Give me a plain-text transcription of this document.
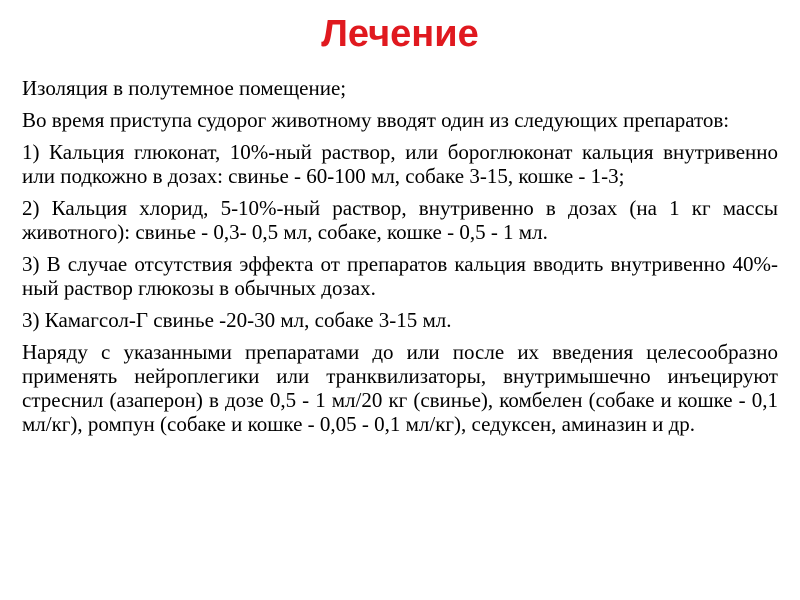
Лечение

Изоляция в полутемное помещение;

Во время приступа судорог животному вводят один из следующих препаратов:

1) Кальция глюконат, 10%-ный раствор, или бороглюконат кальция внутривенно или подкожно в дозах: свинье - 60-100 мл, собаке 3-15, кошке - 1-3;

2) Кальция хлорид, 5-10%-ный раствор, внутривенно в дозах (на 1 кг массы животного): свинье - 0,3- 0,5 мл, собаке, кошке - 0,5 - 1 мл.

3) В случае отсутствия эффекта от препаратов кальция вводить внутривенно 40%-ный раствор глюкозы в обычных дозах.

3) Камагсол-Г свинье -20-30 мл, собаке 3-15 мл.

Наряду с указанными препаратами до или после их введения целесообразно применять нейроплегики или транквилизаторы, внутримышечно инъецируют стреснил (азаперон) в дозе 0,5 - 1 мл/20 кг (свинье), комбелен (собаке и кошке - 0,1 мл/кг), ромпун (собаке и кошке - 0,05 - 0,1 мл/кг), седуксен, аминазин и др.
